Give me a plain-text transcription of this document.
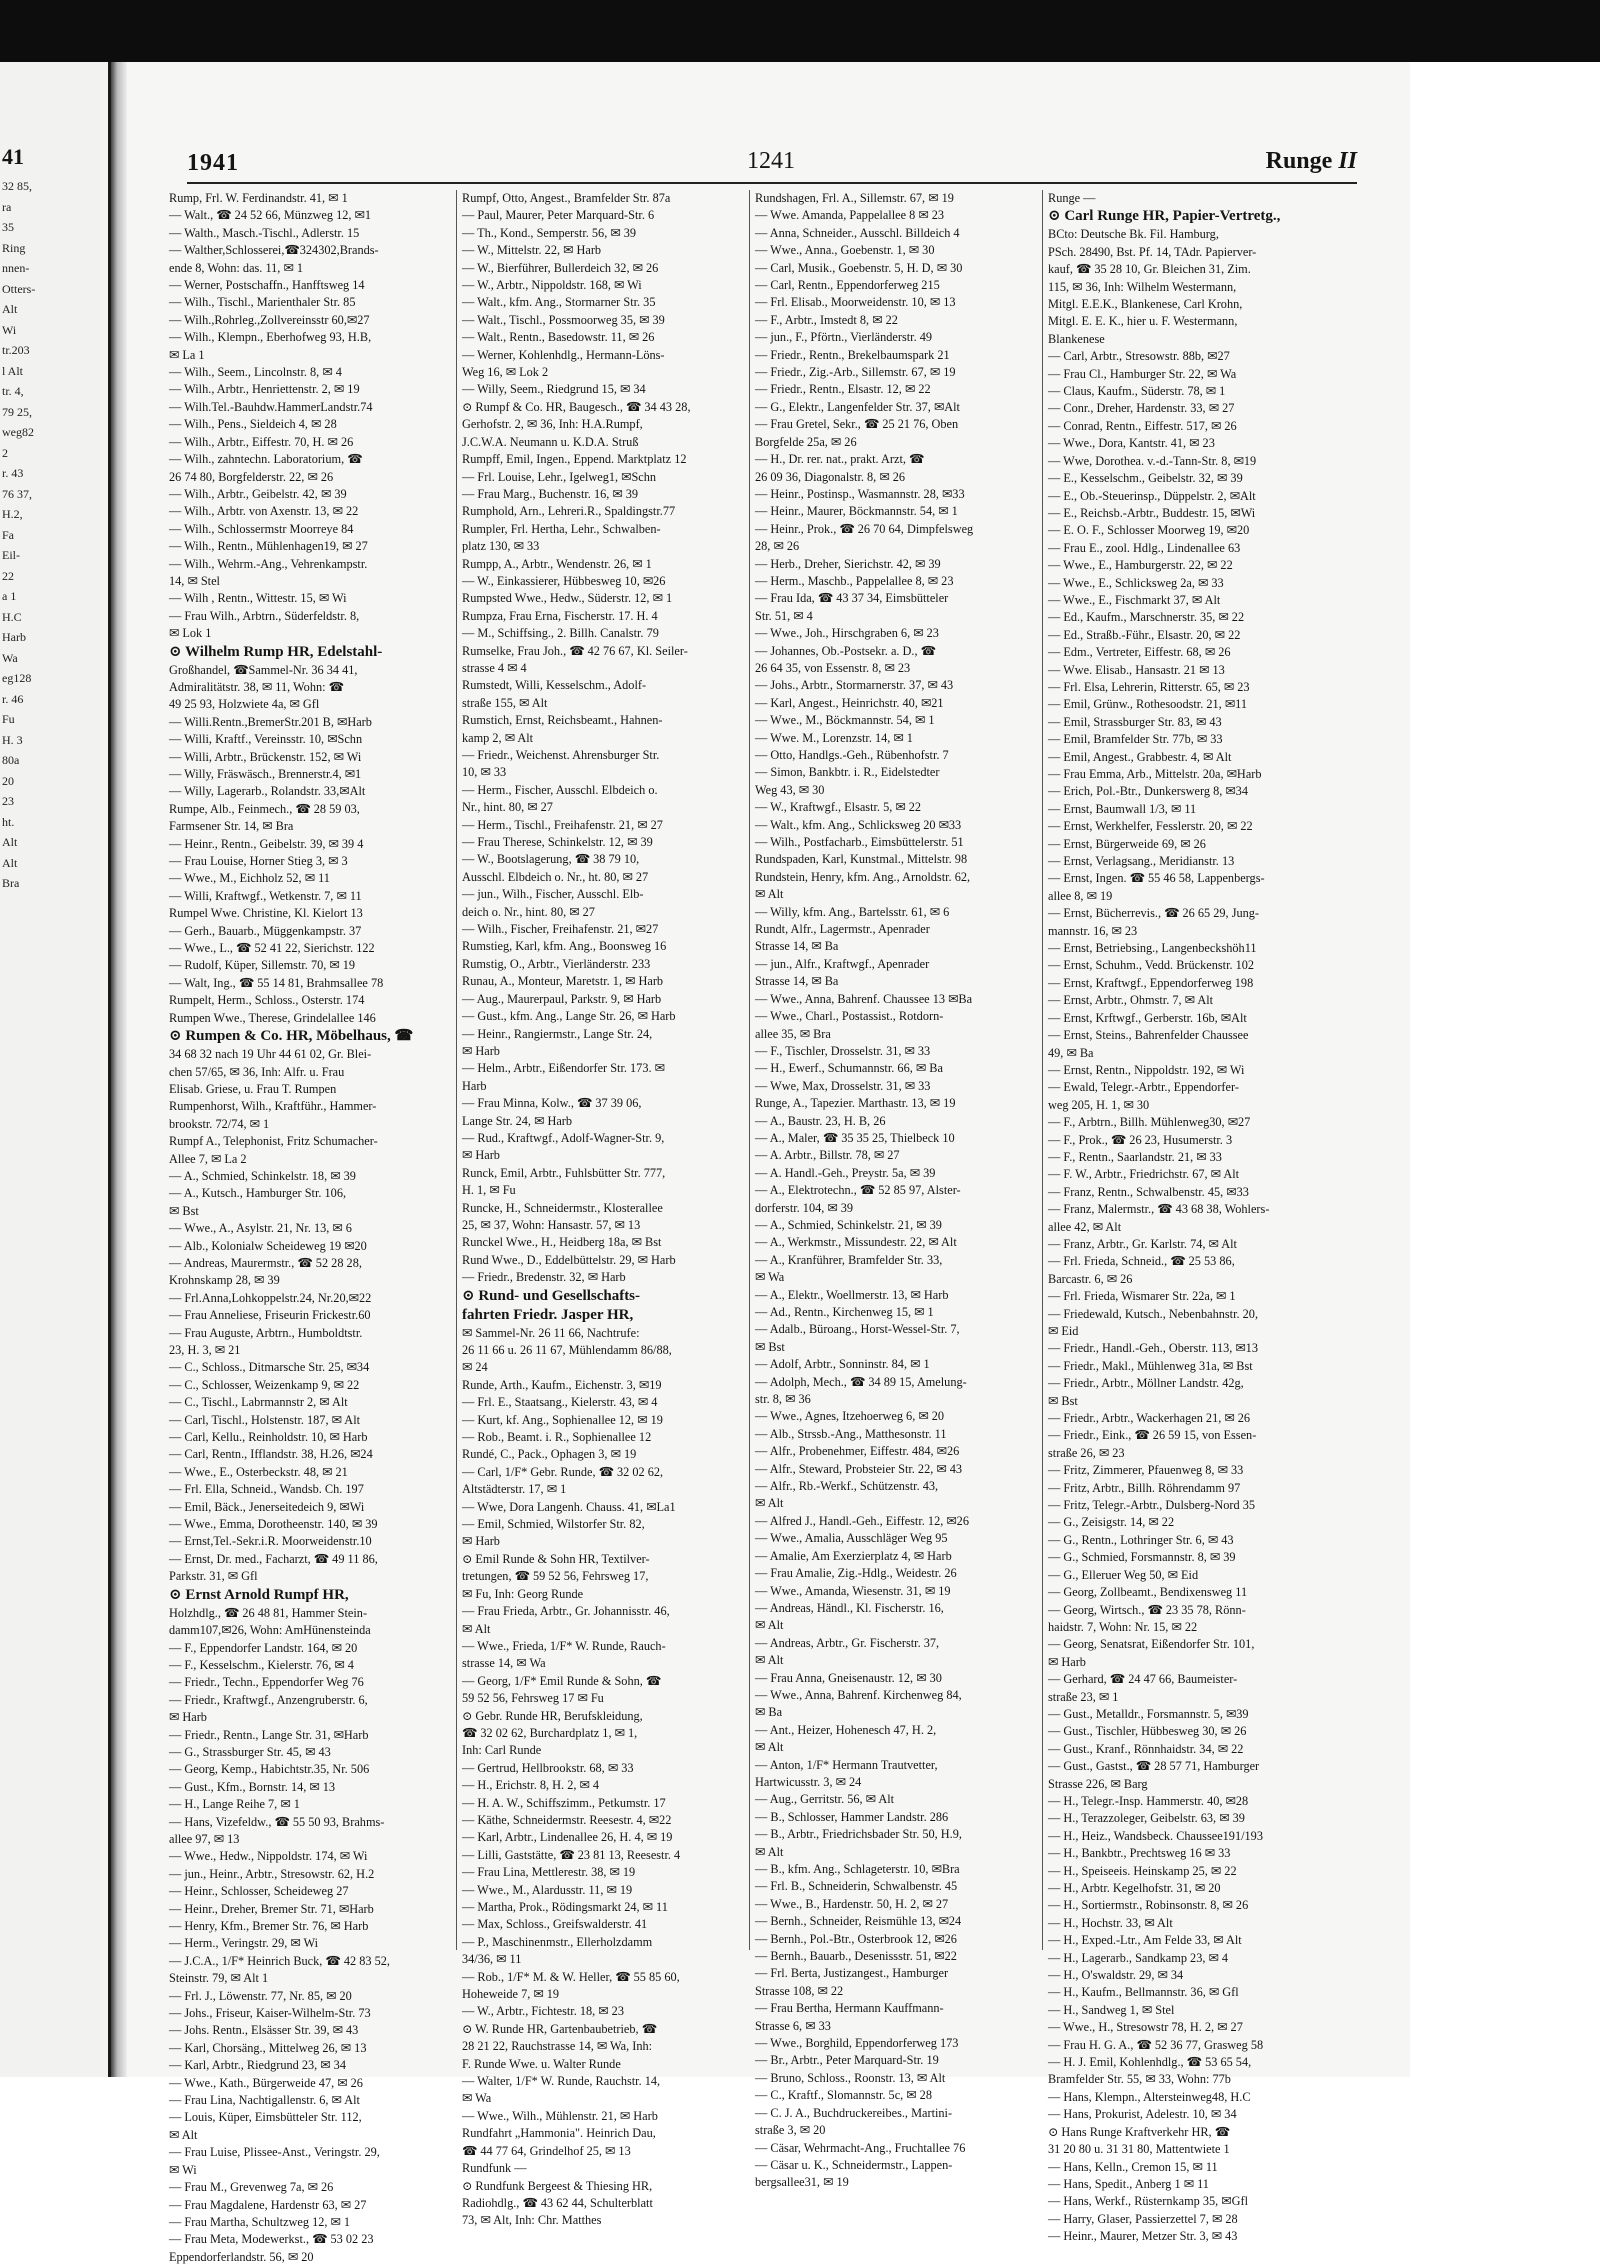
41
32 85,
ra
35
Ring
nnen-
Otters-
Alt
Wi
tr.203
l Alt
tr. 4,
79 25,
weg82
2
r. 43
76 37,
H.2,
Fa
Eil-
22
a 1
H.C
Harb
Wa
eg128
r. 46
Fu
H. 3
80a
20
23
ht.
Alt
Alt
Bra
1941	1241	Runge II

Rump, Frl. W. Ferdinandstr. 41, ✉ 1

— Walt., ☎ 24 52 66, Münzweg 12, ✉1

— Walth., Masch.-Tischl., Adlerstr. 15

— Walther,Schlosserei,☎324302,Brands-

ende 8, Wohn: das. 11, ✉ 1

— Werner, Postschaffn., Hanfftsweg 14

— Wilh., Tischl., Marienthaler Str. 85

— Wilh.,Rohrleg.,Zollvereinsstr 60,✉27

— Wilh., Klempn., Eberhofweg 93, H.B,

✉ La 1

— Wilh., Seem., Lincolnstr. 8, ✉ 4

— Wilh., Arbtr., Henriettenstr. 2, ✉ 19

— Wilh.Tel.-Bauhdw.HammerLandstr.74

— Wilh., Pens., Sieldeich 4, ✉ 28

— Wilh., Arbtr., Eiffestr. 70, H. ✉ 26

— Wilh., zahntechn. Laboratorium, ☎

26 74 80, Borgfelderstr. 22, ✉ 26

— Wilh., Arbtr., Geibelstr. 42, ✉ 39

— Wilh., Arbtr. von Axenstr. 13, ✉ 22

— Wilh., Schlossermstr Moorreye 84

— Wilh., Rentn., Mühlenhagen19, ✉ 27

— Wilh., Wehrm.-Ang., Vehrenkampstr.

14, ✉ Stel

— Wilh , Rentn., Wittestr. 15, ✉ Wi

— Frau Wilh., Arbtrn., Süderfeldstr. 8,

✉ Lok 1

⊙ Wilhelm Rump HR, Edelstahl-

Großhandel, ☎Sammel-Nr. 36 34 41,

Admiralitätstr. 38, ✉ 11, Wohn: ☎

49 25 93, Holzwiete 4a, ✉ Gfl

— Willi.Rentn.,BremerStr.201 B, ✉Harb

— Willi, Kraftf., Vereinsstr. 10, ✉Schn

— Willi, Arbtr., Brückenstr. 152, ✉ Wi

— Willy, Fräswäsch., Brennerstr.4, ✉1

— Willy, Lagerarb., Rolandstr. 33,✉Alt

Rumpe, Alb., Feinmech., ☎ 28 59 03,

Farmsener Str. 14, ✉ Bra

— Heinr., Rentn., Geibelstr. 39, ✉ 39 4

— Frau Louise, Horner Stieg 3, ✉ 3

— Wwe., M., Eichholz 52, ✉ 11

— Willi, Kraftwgf., Wetkenstr. 7, ✉ 11

Rumpel Wwe. Christine, Kl. Kielort 13

— Gerh., Bauarb., Müggenkampstr. 37

— Wwe., L., ☎ 52 41 22, Sierichstr. 122

— Rudolf, Küper, Sillemstr. 70, ✉ 19

— Walt, Ing., ☎ 55 14 81, Brahmsallee 78

Rumpelt, Herm., Schloss., Osterstr. 174

Rumpen Wwe., Therese, Grindelallee 146

⊙ Rumpen & Co. HR, Möbelhaus, ☎

34 68 32 nach 19 Uhr 44 61 02, Gr. Blei-

chen 57/65, ✉ 36, Inh: Alfr. u. Frau

Elisab. Griese, u. Frau T. Rumpen

Rumpenhorst, Wilh., Kraftführ., Hammer-

brookstr. 72/74, ✉ 1

Rumpf A., Telephonist, Fritz Schumacher-

Allee 7, ✉ La 2

— A., Schmied, Schinkelstr. 18, ✉ 39

— A., Kutsch., Hamburger Str. 106,

✉ Bst

— Wwe., A., Asylstr. 21, Nr. 13, ✉ 6

— Alb., Kolonialw Scheideweg 19 ✉20

— Andreas, Maurermstr., ☎ 52 28 28,

Krohnskamp 28, ✉ 39

— Frl.Anna,Lohkoppelstr.24, Nr.20,✉22

— Frau Anneliese, Friseurin Frickestr.60

— Frau Auguste, Arbtrn., Humboldtstr.

23, H. 3, ✉ 21

— C., Schloss., Ditmarsche Str. 25, ✉34

— C., Schlosser, Weizenkamp 9, ✉ 22

— C., Tischl., Labrmannstr 2, ✉ Alt

— Carl, Tischl., Holstenstr. 187, ✉ Alt

— Carl, Kellu., Reinholdstr. 10, ✉ Harb

— Carl, Rentn., Ifflandstr. 38, H.26, ✉24

— Wwe., E., Osterbeckstr. 48, ✉ 21

— Frl. Ella, Schneid., Wandsb. Ch. 197

— Emil, Bäck., Jenerseitedeich 9, ✉Wi

— Wwe., Emma, Dorotheenstr. 140, ✉ 39

— Ernst,Tel.-Sekr.i.R. Moorweidenstr.10

— Ernst, Dr. med., Facharzt, ☎ 49 11 86,

Parkstr. 31, ✉ Gfl

⊙ Ernst Arnold Rumpf HR,

Holzhdlg., ☎ 26 48 81, Hammer Stein-

damm107,✉26, Wohn: AmHünensteinda

— F., Eppendorfer Landstr. 164, ✉ 20

— F., Kesselschm., Kielerstr. 76, ✉ 4

— Friedr., Techn., Eppendorfer Weg 76

— Friedr., Kraftwgf., Anzengruberstr. 6,

✉ Harb

— Friedr., Rentn., Lange Str. 31, ✉Harb

— G., Strassburger Str. 45, ✉ 43

— Georg, Kemp., Habichtstr.35, Nr. 506

— Gust., Kfm., Bornstr. 14, ✉ 13

— H., Lange Reihe 7, ✉ 1

— Hans, Vizefeldw., ☎ 55 50 93, Brahms-

allee 97, ✉ 13

— Wwe., Hedw., Nippoldstr. 174, ✉ Wi

— jun., Heinr., Arbtr., Stresowstr. 62, H.2

— Heinr., Schlosser, Scheideweg 27

— Heinr., Dreher, Bremer Str. 71, ✉Harb

— Henry, Kfm., Bremer Str. 76, ✉ Harb

— Herm., Veringstr. 29, ✉ Wi

— J.C.A., 1/F* Heinrich Buck, ☎ 42 83 52,

Steinstr. 79, ✉ Alt 1

— Frl. J., Löwenstr. 77, Nr. 85, ✉ 20

— Johs., Friseur, Kaiser-Wilhelm-Str. 73

— Johs. Rentn., Elsässer Str. 39, ✉ 43

— Karl, Chorsäng., Mittelweg 26, ✉ 13

— Karl, Arbtr., Riedgrund 23, ✉ 34

— Wwe., Kath., Bürgerweide 47, ✉ 26

— Frau Lina, Nachtigallenstr. 6, ✉ Alt

— Louis, Küper, Eimsbütteler Str. 112,

✉ Alt

— Frau Luise, Plissee-Anst., Veringstr. 29,

✉ Wi

— Frau M., Grevenweg 7a, ✉ 26

— Frau Magdalene, Hardenstr 63, ✉ 27

— Frau Martha, Schultzweg 12, ✉ 1

— Frau Meta, Modewerkst., ☎ 53 02 23

Eppendorferlandstr. 56, ✉ 20

Rumpf, Otto, Angest., Bramfelder Str. 87a

— Paul, Maurer, Peter Marquard-Str. 6

— Th., Kond., Semperstr. 56, ✉ 39

— W., Mittelstr. 22, ✉ Harb

— W., Bierführer, Bullerdeich 32, ✉ 26

— W., Arbtr., Nippoldstr. 168, ✉ Wi

— Walt., kfm. Ang., Stormarner Str. 35

— Walt., Tischl., Possmoorweg 35, ✉ 39

— Walt., Rentn., Basedowstr. 11, ✉ 26

— Werner, Kohlenhdlg., Hermann-Löns-

Weg 16, ✉ Lok 2

— Willy, Seem., Riedgrund 15, ✉ 34

⊙ Rumpf & Co. HR, Baugesch., ☎ 34 43 28,

Gerhofstr. 2, ✉ 36, Inh: H.A.Rumpf,

J.C.W.A. Neumann u. K.D.A. Struß

Rumpff, Emil, Ingen., Eppend. Marktplatz 12

— Frl. Louise, Lehr., Igelweg1, ✉Schn

— Frau Marg., Buchenstr. 16, ✉ 39

Rumphold, Arn., Lehreri.R., Spaldingstr.77

Rumpler, Frl. Hertha, Lehr., Schwalben-

platz 130, ✉ 33

Rumpp, A., Arbtr., Wendenstr. 26, ✉ 1

— W., Einkassierer, Hübbesweg 10, ✉26

Rumpsted Wwe., Hedw., Süderstr. 12, ✉ 1

Rumpza, Frau Erna, Fischerstr. 17. H. 4

— M., Schiffsing., 2. Billh. Canalstr. 79

Rumselke, Frau Joh., ☎ 42 76 67, Kl. Seiler-

strasse 4 ✉ 4

Rumstedt, Willi, Kesselschm., Adolf-

straße 155, ✉ Alt

Rumstich, Ernst, Reichsbeamt., Hahnen-

kamp 2, ✉ Alt

— Friedr., Weichenst. Ahrensburger Str.

10, ✉ 33

— Herm., Fischer, Ausschl. Elbdeich o.

Nr., hint. 80, ✉ 27

— Herm., Tischl., Freihafenstr. 21, ✉ 27

— Frau Therese, Schinkelstr. 12, ✉ 39

— W., Bootslagerung, ☎ 38 79 10,

Ausschl. Elbdeich o. Nr., ht. 80, ✉ 27

— jun., Wilh., Fischer, Ausschl. Elb-

deich o. Nr., hint. 80, ✉ 27

— Wilh., Fischer, Freihafenstr. 21, ✉27

Rumstieg, Karl, kfm. Ang., Boonsweg 16

Rumstig, O., Arbtr., Vierländerstr. 233

Runau, A., Monteur, Maretstr. 1, ✉ Harb

— Aug., Maurerpaul, Parkstr. 9, ✉ Harb

— Gust., kfm. Ang., Lange Str. 26, ✉ Harb

— Heinr., Rangiermstr., Lange Str. 24,

✉ Harb

— Helm., Arbtr., Eißendorfer Str. 173. ✉

Harb

— Frau Minna, Kolw., ☎ 37 39 06,

Lange Str. 24, ✉ Harb

— Rud., Kraftwgf., Adolf-Wagner-Str. 9,

✉ Harb

Runck, Emil, Arbtr., Fuhlsbütter Str. 777,

H. 1, ✉ Fu

Runcke, H., Schneidermstr., Klosterallee

25, ✉ 37, Wohn: Hansastr. 57, ✉ 13

Runckel Wwe., H., Heidberg 18a, ✉ Bst

Rund Wwe., D., Eddelbüttelstr. 29, ✉ Harb

— Friedr., Bredenstr. 32, ✉ Harb

⊙ Rund- und Gesellschafts-

fahrten Friedr. Jasper HR,

✉ Sammel-Nr. 26 11 66, Nachtrufe:

26 11 66 u. 26 11 67, Mühlendamm 86/88,

✉ 24

Runde, Arth., Kaufm., Eichenstr. 3, ✉19

— Frl. E., Staatsang., Kielerstr. 43, ✉ 4

— Kurt, kf. Ang., Sophienallee 12, ✉ 19

— Rob., Beamt. i. R., Sophienallee 12

Rundé, C., Pack., Ophagen 3, ✉ 19

— Carl, 1/F* Gebr. Runde, ☎ 32 02 62,

Altstädterstr. 17, ✉ 1

— Wwe, Dora Langenh. Chauss. 41, ✉La1

— Emil, Schmied, Wilstorfer Str. 82,

✉ Harb

⊙ Emil Runde & Sohn HR, Textilver-

tretungen, ☎ 59 52 56, Fehrsweg 17,

✉ Fu, Inh: Georg Runde

— Frau Frieda, Arbtr., Gr. Johannisstr. 46,

✉ Alt

— Wwe., Frieda, 1/F* W. Runde, Rauch-

strasse 14, ✉ Wa

— Georg, 1/F* Emil Runde & Sohn, ☎

59 52 56, Fehrsweg 17 ✉ Fu

⊙ Gebr. Runde HR, Berufskleidung,

☎ 32 02 62, Burchardplatz 1, ✉ 1,

Inh: Carl Runde

— Gertrud, Hellbrookstr. 68, ✉ 33

— H., Erichstr. 8, H. 2, ✉ 4

— H. A. W., Schiffszimm., Petkumstr. 17

— Käthe, Schneidermstr. Reesestr. 4, ✉22

— Karl, Arbtr., Lindenallee 26, H. 4, ✉ 19

— Lilli, Gaststätte, ☎ 23 81 13, Reesestr. 4

— Frau Lina, Mettlerestr. 38, ✉ 19

— Wwe., M., Alardusstr. 11, ✉ 19

— Martha, Prok., Rödingsmarkt 24, ✉ 11

— Max, Schloss., Greifswalderstr. 41

— P., Maschinenmstr., Ellerholzdamm

34/36, ✉ 11

— Rob., 1/F* M. & W. Heller, ☎ 55 85 60,

Hoheweide 7, ✉ 19

— W., Arbtr., Fichtestr. 18, ✉ 23

⊙ W. Runde HR, Gartenbaubetrieb, ☎

28 21 22, Rauchstrasse 14, ✉ Wa, Inh:

F. Runde Wwe. u. Walter Runde

— Walter, 1/F* W. Runde, Rauchstr. 14,

✉ Wa

— Wwe., Wilh., Mühlenstr. 21, ✉ Harb

Rundfahrt „Hammonia". Heinrich Dau,

☎ 44 77 64, Grindelhof 25, ✉ 13

Rundfunk —

⊙ Rundfunk Bergeest & Thiesing HR,

Radiohdlg., ☎ 43 62 44, Schulterblatt

73, ✉ Alt, Inh: Chr. Matthes

Rundshagen, Frl. A., Sillemstr. 67, ✉ 19

— Wwe. Amanda, Pappelallee 8 ✉ 23

— Anna, Schneider., Ausschl. Billdeich 4

— Wwe., Anna., Goebenstr. 1, ✉ 30

— Carl, Musik., Goebenstr. 5, H. D, ✉ 30

— Carl, Rentn., Eppendorferweg 215

— Frl. Elisab., Moorweidenstr. 10, ✉ 13

— F., Arbtr., Imstedt 8, ✉ 22

— jun., F., Pförtn., Vierländerstr. 49

— Friedr., Rentn., Brekelbaumspark 21

— Friedr., Zig.-Arb., Sillemstr. 67, ✉ 19

— Friedr., Rentn., Elsastr. 12, ✉ 22

— G., Elektr., Langenfelder Str. 37, ✉Alt

— Frau Gretel, Sekr., ☎ 25 21 76, Oben

Borgfelde 25a, ✉ 26

— H., Dr. rer. nat., prakt. Arzt, ☎

26 09 36, Diagonalstr. 8, ✉ 26

— Heinr., Postinsp., Wasmannstr. 28, ✉33

— Heinr., Maurer, Böckmannstr. 54, ✉ 1

— Heinr., Prok., ☎ 26 70 64, Dimpfelsweg

28, ✉ 26

— Herb., Dreher, Sierichstr. 42, ✉ 39

— Herm., Maschb., Pappelallee 8, ✉ 23

— Frau Ida, ☎ 43 37 34, Eimsbütteler

Str. 51, ✉ 4

— Wwe., Joh., Hirschgraben 6, ✉ 23

— Johannes, Ob.-Postsekr. a. D., ☎

26 64 35, von Essenstr. 8, ✉ 23

— Johs., Arbtr., Stormarnerstr. 37, ✉ 43

— Karl, Angest., Heinrichstr. 40, ✉21

— Wwe., M., Böckmannstr. 54, ✉ 1

— Wwe. M., Lorenzstr. 14, ✉ 1

— Otto, Handlgs.-Geh., Rübenhofstr. 7

— Simon, Bankbtr. i. R., Eidelstedter

Weg 43, ✉ 30

— W., Kraftwgf., Elsastr. 5, ✉ 22

— Walt., kfm. Ang., Schlicksweg 20 ✉33

— Wilh., Postfacharb., Eimsbüttelerstr. 51

Rundspaden, Karl, Kunstmal., Mittelstr. 98

Rundstein, Henry, kfm. Ang., Arnoldstr. 62,

✉ Alt

— Willy, kfm. Ang., Bartelsstr. 61, ✉ 6

Rundt, Alfr., Lagermstr., Apenrader

Strasse 14, ✉ Ba

— jun., Alfr., Kraftwgf., Apenrader

Strasse 14, ✉ Ba

— Wwe., Anna, Bahrenf. Chaussee 13 ✉Ba

— Wwe., Charl., Postassist., Rotdorn-

allee 35, ✉ Bra

— F., Tischler, Drosselstr. 31, ✉ 33

— H., Ewerf., Schumannstr. 66, ✉ Ba

— Wwe, Max, Drosselstr. 31, ✉ 33

Runge, A., Tapezier. Marthastr. 13, ✉ 19

— A., Baustr. 23, H. B, 26

— A., Maler, ☎ 35 35 25, Thielbeck 10

— A. Arbtr., Billstr. 78, ✉ 27

— A. Handl.-Geh., Preystr. 5a, ✉ 39

— A., Elektrotechn., ☎ 52 85 97, Alster-

dorferstr. 104, ✉ 39

— A., Schmied, Schinkelstr. 21, ✉ 39

— A., Werkmstr., Missundestr. 22, ✉ Alt

— A., Kranführer, Bramfelder Str. 33,

✉ Wa

— A., Elektr., Woellmerstr. 13, ✉ Harb

— Ad., Rentn., Kirchenweg 15, ✉ 1

— Adalb., Büroang., Horst-Wessel-Str. 7,

✉ Bst

— Adolf, Arbtr., Sonninstr. 84, ✉ 1

— Adolph, Mech., ☎ 34 89 15, Amelung-

str. 8, ✉ 36

— Wwe., Agnes, Itzehoerweg 6, ✉ 20

— Alb., Strssb.-Ang., Matthesonstr. 11

— Alfr., Probenehmer, Eiffestr. 484, ✉26

— Alfr., Steward, Probsteier Str. 22, ✉ 43

— Alfr., Rb.-Werkf., Schützenstr. 43,

✉ Alt

— Alfred J., Handl.-Geh., Eiffestr. 12, ✉26

— Wwe., Amalia, Ausschläger Weg 95

— Amalie, Am Exerzierplatz 4, ✉ Harb

— Frau Amalie, Zig.-Hdlg., Weidestr. 26

— Wwe., Amanda, Wiesenstr. 31, ✉ 19

— Andreas, Händl., Kl. Fischerstr. 16,

✉ Alt

— Andreas, Arbtr., Gr. Fischerstr. 37,

✉ Alt

— Frau Anna, Gneisenaustr. 12, ✉ 30

— Wwe., Anna, Bahrenf. Kirchenweg 84,

✉ Ba

— Ant., Heizer, Hohenesch 47, H. 2,

✉ Alt

— Anton, 1/F* Hermann Trautvetter,

Hartwicusstr. 3, ✉ 24

— Aug., Gerritstr. 56, ✉ Alt

— B., Schlosser, Hammer Landstr. 286

— B., Arbtr., Friedrichsbader Str. 50, H.9,

✉ Alt

— B., kfm. Ang., Schlageterstr. 10, ✉Bra

— Frl. B., Schneiderin, Schwalbenstr. 45

— Wwe., B., Hardenstr. 50, H. 2, ✉ 27

— Bernh., Schneider, Reismühle 13, ✉24

— Bernh., Pol.-Btr., Osterbrook 12, ✉26

— Bernh., Bauarb., Desenissstr. 51, ✉22

— Frl. Berta, Justizangest., Hamburger

Strasse 108, ✉ 22

— Frau Bertha, Hermann Kauffmann-

Strasse 6, ✉ 33

— Wwe., Borghild, Eppendorferweg 173

— Br., Arbtr., Peter Marquard-Str. 19

— Bruno, Schloss., Roonstr. 13, ✉ Alt

— C., Kraftf., Slomannstr. 5c, ✉ 28

— C. J. A., Buchdruckereibes., Martini-

straße 3, ✉ 20

— Cäsar, Wehrmacht-Ang., Fruchtallee 76

— Cäsar u. K., Schneidermstr., Lappen-

bergsallee31, ✉ 19

Runge —

⊙ Carl Runge HR, Papier-Vertretg.,

BCto: Deutsche Bk. Fil. Hamburg,

PSch. 28490, Bst. Pf. 14, TAdr. Papierver-

kauf, ☎ 35 28 10, Gr. Bleichen 31, Zim.

115, ✉ 36, Inh: Wilhelm Westermann,

Mitgl. E.E.K., Blankenese, Carl Krohn,

Mitgl. E. E. K., hier u. F. Westermann,

Blankenese

— Carl, Arbtr., Stresowstr. 88b, ✉27

— Frau Cl., Hamburger Str. 22, ✉ Wa

— Claus, Kaufm., Süderstr. 78, ✉ 1

— Conr., Dreher, Hardenstr. 33, ✉ 27

— Conrad, Rentn., Eiffestr. 517, ✉ 26

— Wwe., Dora, Kantstr. 41, ✉ 23

— Wwe, Dorothea. v.-d.-Tann-Str. 8, ✉19

— E., Kesselschm., Geibelstr. 32, ✉ 39

— E., Ob.-Steuerinsp., Düppelstr. 2, ✉Alt

— E., Reichsb.-Arbtr., Buddestr. 15, ✉Wi

— E. O. F., Schlosser Moorweg 19, ✉20

— Frau E., zool. Hdlg., Lindenallee 63

— Wwe., E., Hamburgerstr. 22, ✉ 22

— Wwe., E., Schlicksweg 2a, ✉ 33

— Wwe., E., Fischmarkt 37, ✉ Alt

— Ed., Kaufm., Marschnerstr. 35, ✉ 22

— Ed., Straßb.-Führ., Elsastr. 20, ✉ 22

— Edm., Vertreter, Eiffestr. 68, ✉ 26

— Wwe. Elisab., Hansastr. 21 ✉ 13

— Frl. Elsa, Lehrerin, Ritterstr. 65, ✉ 23

— Emil, Grünw., Rothesoodstr. 21, ✉11

— Emil, Strassburger Str. 83, ✉ 43

— Emil, Bramfelder Str. 77b, ✉ 33

— Emil, Angest., Grabbestr. 4, ✉ Alt

— Frau Emma, Arb., Mittelstr. 20a, ✉Harb

— Erich, Pol.-Btr., Dunkerswerg 8, ✉34

— Ernst, Baumwall 1/3, ✉ 11

— Ernst, Werkhelfer, Fesslerstr. 20, ✉ 22

— Ernst, Bürgerweide 69, ✉ 26

— Ernst, Verlagsang., Meridianstr. 13

— Ernst, Ingen. ☎ 55 46 58, Lappenbergs-

allee 8, ✉ 19

— Ernst, Bücherrevis., ☎ 26 65 29, Jung-

mannstr. 16, ✉ 23

— Ernst, Betriebsing., Langenbeckshöh11

— Ernst, Schuhm., Vedd. Brückenstr. 102

— Ernst, Kraftwgf., Eppendorferweg 198

— Ernst, Arbtr., Ohmstr. 7, ✉ Alt

— Ernst, Krftwgf., Gerberstr. 16b, ✉Alt

— Ernst, Steins., Bahrenfelder Chaussee

49, ✉ Ba

— Ernst, Rentn., Nippoldstr. 192, ✉ Wi

— Ewald, Telegr.-Arbtr., Eppendorfer-

weg 205, H. 1, ✉ 30

— F., Arbtrn., Billh. Mühlenweg30, ✉27

— F., Prok., ☎ 26 23, Husumerstr. 3

— F., Rentn., Saarlandstr. 21, ✉ 33

— F. W., Arbtr., Friedrichstr. 67, ✉ Alt

— Franz, Rentn., Schwalbenstr. 45, ✉33

— Franz, Malermstr., ☎ 43 68 38, Wohlers-

allee 42, ✉ Alt

— Franz, Arbtr., Gr. Karlstr. 74, ✉ Alt

— Frl. Frieda, Schneid., ☎ 25 53 86,

Barcastr. 6, ✉ 26

— Frl. Frieda, Wismarer Str. 22a, ✉ 1

— Friedewald, Kutsch., Nebenbahnstr. 20,

✉ Eid

— Friedr., Handl.-Geh., Oberstr. 113, ✉13

— Friedr., Makl., Mühlenweg 31a, ✉ Bst

— Friedr., Arbtr., Möllner Landstr. 42g,

✉ Bst

— Friedr., Arbtr., Wackerhagen 21, ✉ 26

— Friedr., Eink., ☎ 26 59 15, von Essen-

straße 26, ✉ 23

— Fritz, Zimmerer, Pfauenweg 8, ✉ 33

— Fritz, Arbtr., Billh. Röhrendamm 97

— Fritz, Telegr.-Arbtr., Dulsberg-Nord 35

— G., Zeisigstr. 14, ✉ 22

— G., Rentn., Lothringer Str. 6, ✉ 43

— G., Schmied, Forsmannstr. 8, ✉ 39

— G., Elleruer Weg 50, ✉ Eid

— Georg, Zollbeamt., Bendixensweg 11

— Georg, Wirtsch., ☎ 23 35 78, Rönn-

haidstr. 7, Wohn: Nr. 15, ✉ 22

— Georg, Senatsrat, Eißendorfer Str. 101,

✉ Harb

— Gerhard, ☎ 24 47 66, Baumeister-

straße 23, ✉ 1

— Gust., Metalldr., Forsmannstr. 5, ✉39

— Gust., Tischler, Hübbesweg 30, ✉ 26

— Gust., Kranf., Rönnhaidstr. 34, ✉ 22

— Gust., Gastst., ☎ 28 57 71, Hamburger

Strasse 226, ✉ Barg

— H., Telegr.-Insp. Hammerstr. 40, ✉28

— H., Terazzoleger, Geibelstr. 63, ✉ 39

— H., Heiz., Wandsbeck. Chaussee191/193

— H., Bankbtr., Prechtsweg 16 ✉ 33

— H., Speiseeis. Heinskamp 25, ✉ 22

— H., Arbtr. Kegelhofstr. 31, ✉ 20

— H., Sortiermstr., Robinsonstr. 8, ✉ 26

— H., Hochstr. 33, ✉ Alt

— H., Exped.-Ltr., Am Felde 33, ✉ Alt

— H., Lagerarb., Sandkamp 23, ✉ 4

— H., O'swaldstr. 29, ✉ 34

— H., Kaufm., Bellmannstr. 36, ✉ Gfl

— H., Sandweg 1, ✉ Stel

— Wwe., H., Stresowstr 78, H. 2, ✉ 27

— Frau H. G. A., ☎ 52 36 77, Grasweg 58

— H. J. Emil, Kohlenhdlg., ☎ 53 65 54,

Bramfelder Str. 55, ✉ 33, Wohn: 77b

— Hans, Klempn., Altersteinweg48, H.C

— Hans, Prokurist, Adelestr. 10, ✉ 34

⊙ Hans Runge Kraftverkehr HR, ☎

31 20 80 u. 31 31 80, Mattentwiete 1

— Hans, Kelln., Cremon 15, ✉ 11

— Hans, Spedit., Anberg 1 ✉ 11

— Hans, Werkf., Rüsternkamp 35, ✉Gfl

— Harry, Glaser, Passierzettel 7, ✉ 28

— Heinr., Maurer, Metzer Str. 3, ✉ 43
